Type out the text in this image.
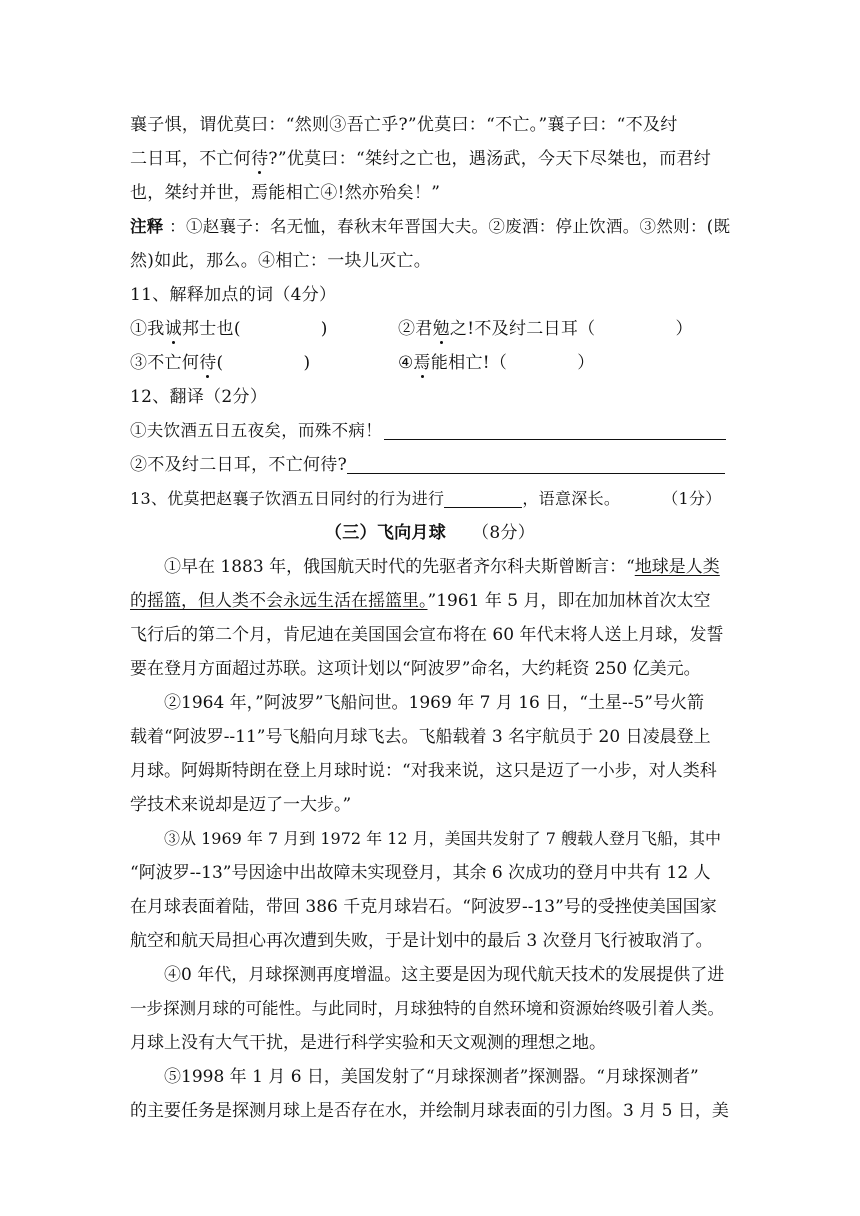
襄子惧，谓优莫曰：“然则③吾亡乎?”优莫曰：“不亡。”襄子曰：“不及纣
二日耳，不亡何待?”优莫曰：“桀纣之亡也，遇汤武，今天下尽桀也，而君纣
也，桀纣并世，焉能相亡④!然亦殆矣！”
注释 ：①赵襄子：名无恤，春秋末年晋国大夫。②废酒：停止饮酒。③然则：(既
然)如此，那么。④相亡：一块儿灭亡。
11、解释加点的词（4分）
①我诚邦士也(	)	②君勉之!不及纣二日耳（	）
③不亡何待(	)	④焉能相亡!（	）
12、翻译（2分）
①夫饮酒五日五夜矣，而殊不病！
②不及纣二日耳，不亡何待?
13、优莫把赵襄子饮酒五日同纣的行为进行	，语意深长。	（1分）
（三）飞向月球 （8分）
①早在 1883 年，俄国航天时代的先驱者齐尔科夫斯曾断言：“地球是人类
的摇篮，但人类不会永远生活在摇篮里。”1961 年 5 月，即在加加林首次太空
飞行后的第二个月，肯尼迪在美国国会宣布将在 60 年代末将人送上月球，发誓
要在登月方面超过苏联。这项计划以“阿波罗”命名，大约耗资 250 亿美元。
②1964 年，”阿波罗”飞船问世。1969 年 7 月 16 日，“土星--5”号火箭
载着“阿波罗--11”号飞船向月球飞去。飞船载着 3 名宇航员于 20 日凌晨登上
月球。阿姆斯特朗在登上月球时说：“对我来说，这只是迈了一小步，对人类科
学技术来说却是迈了一大步。”
③从 1969 年 7 月到 1972 年 12 月，美国共发射了 7 艘载人登月飞船，其中
“阿波罗--13”号因途中出故障未实现登月，其余 6 次成功的登月中共有 12 人
在月球表面着陆，带回 386 千克月球岩石。“阿波罗--13”号的受挫使美国国家
航空和航天局担心再次遭到失败，于是计划中的最后 3 次登月飞行被取消了。
④0 年代，月球探测再度增温。这主要是因为现代航天技术的发展提供了进
一步探测月球的可能性。与此同时，月球独特的自然环境和资源始终吸引着人类。
月球上没有大气干扰，是进行科学实验和天文观测的理想之地。
⑤1998 年 1 月 6 日，美国发射了“月球探测者”探测器。“月球探测者”
的主要任务是探测月球上是否存在水，并绘制月球表面的引力图。3 月 5 日，美
